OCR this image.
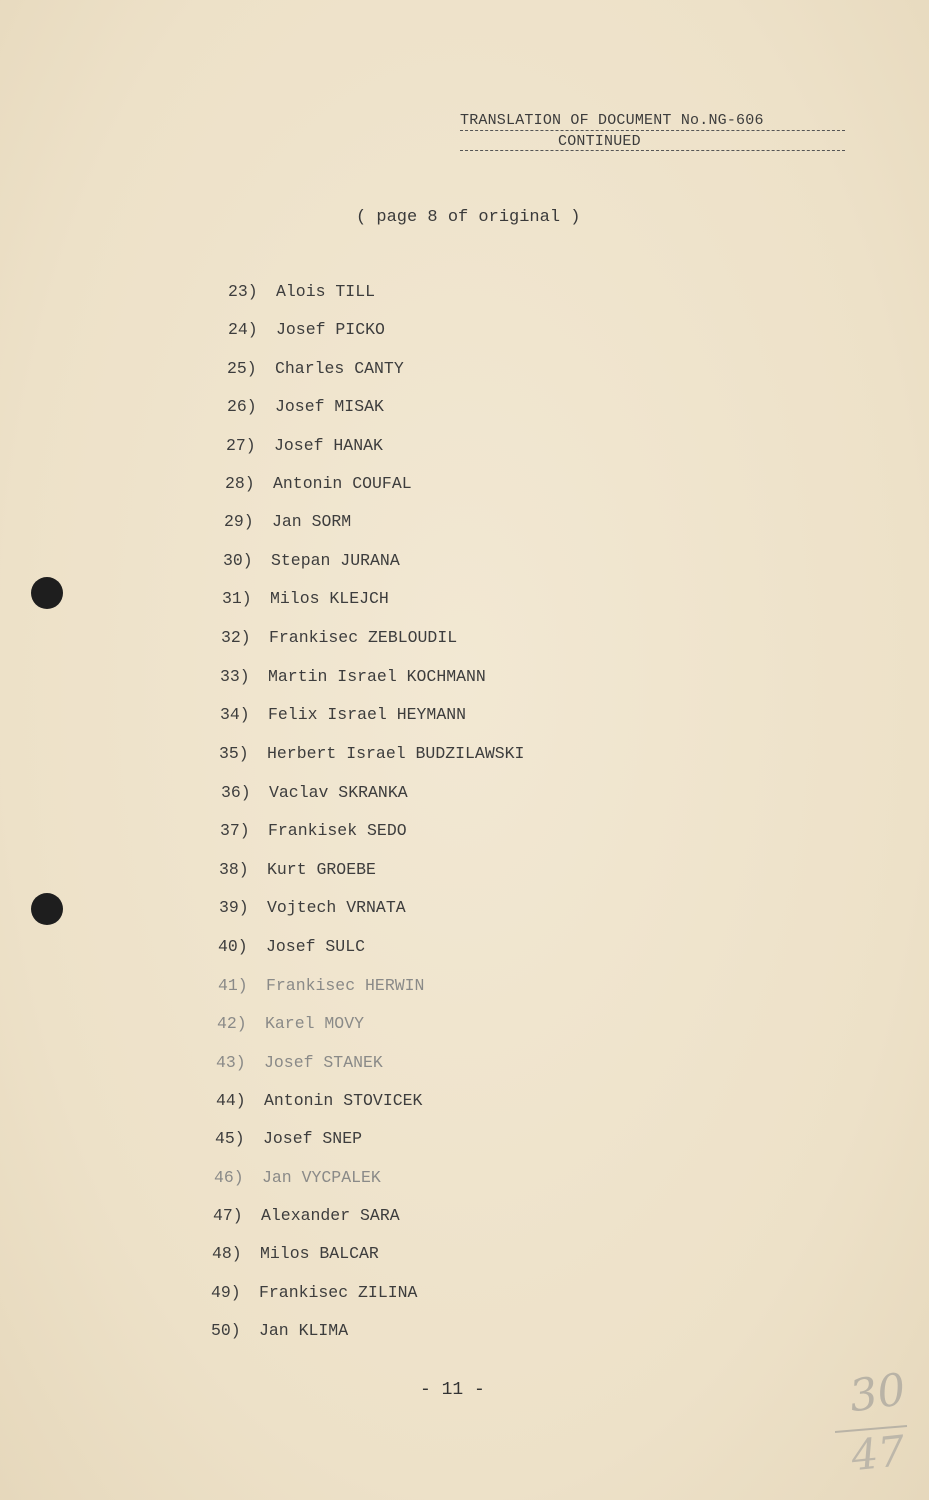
TRANSLATION OF DOCUMENT No.NG-606
CONTINUED
( page 8 of original )
23) Alois TILL
24) Josef PICKO
25) Charles CANTY
26) Josef MISAK
27) Josef HANAK
28) Antonin COUFAL
29) Jan SORM
30) Stepan JURANA
31) Milos KLEJCH
32) Frankisec ZEBLOUDIL
33) Martin Israel KOCHMANN
34) Felix Israel HEYMANN
35) Herbert Israel BUDZILAWSKI
36) Vaclav SKRANKA
37) Frankisek SEDO
38) Kurt GROEBE
39) Vojtech VRNATA
40) Josef SULC
41) Frankisec HERWIN
42) Karel MOVY
43) Josef STANEK
44) Antonin STOVICEK
45) Josef SNEP
46) Jan VYCPALEK
47) Alexander SARA
48) Milos BALCAR
49) Frankisec ZILINA
50) Jan KLIMA
- 11 -	30
47
